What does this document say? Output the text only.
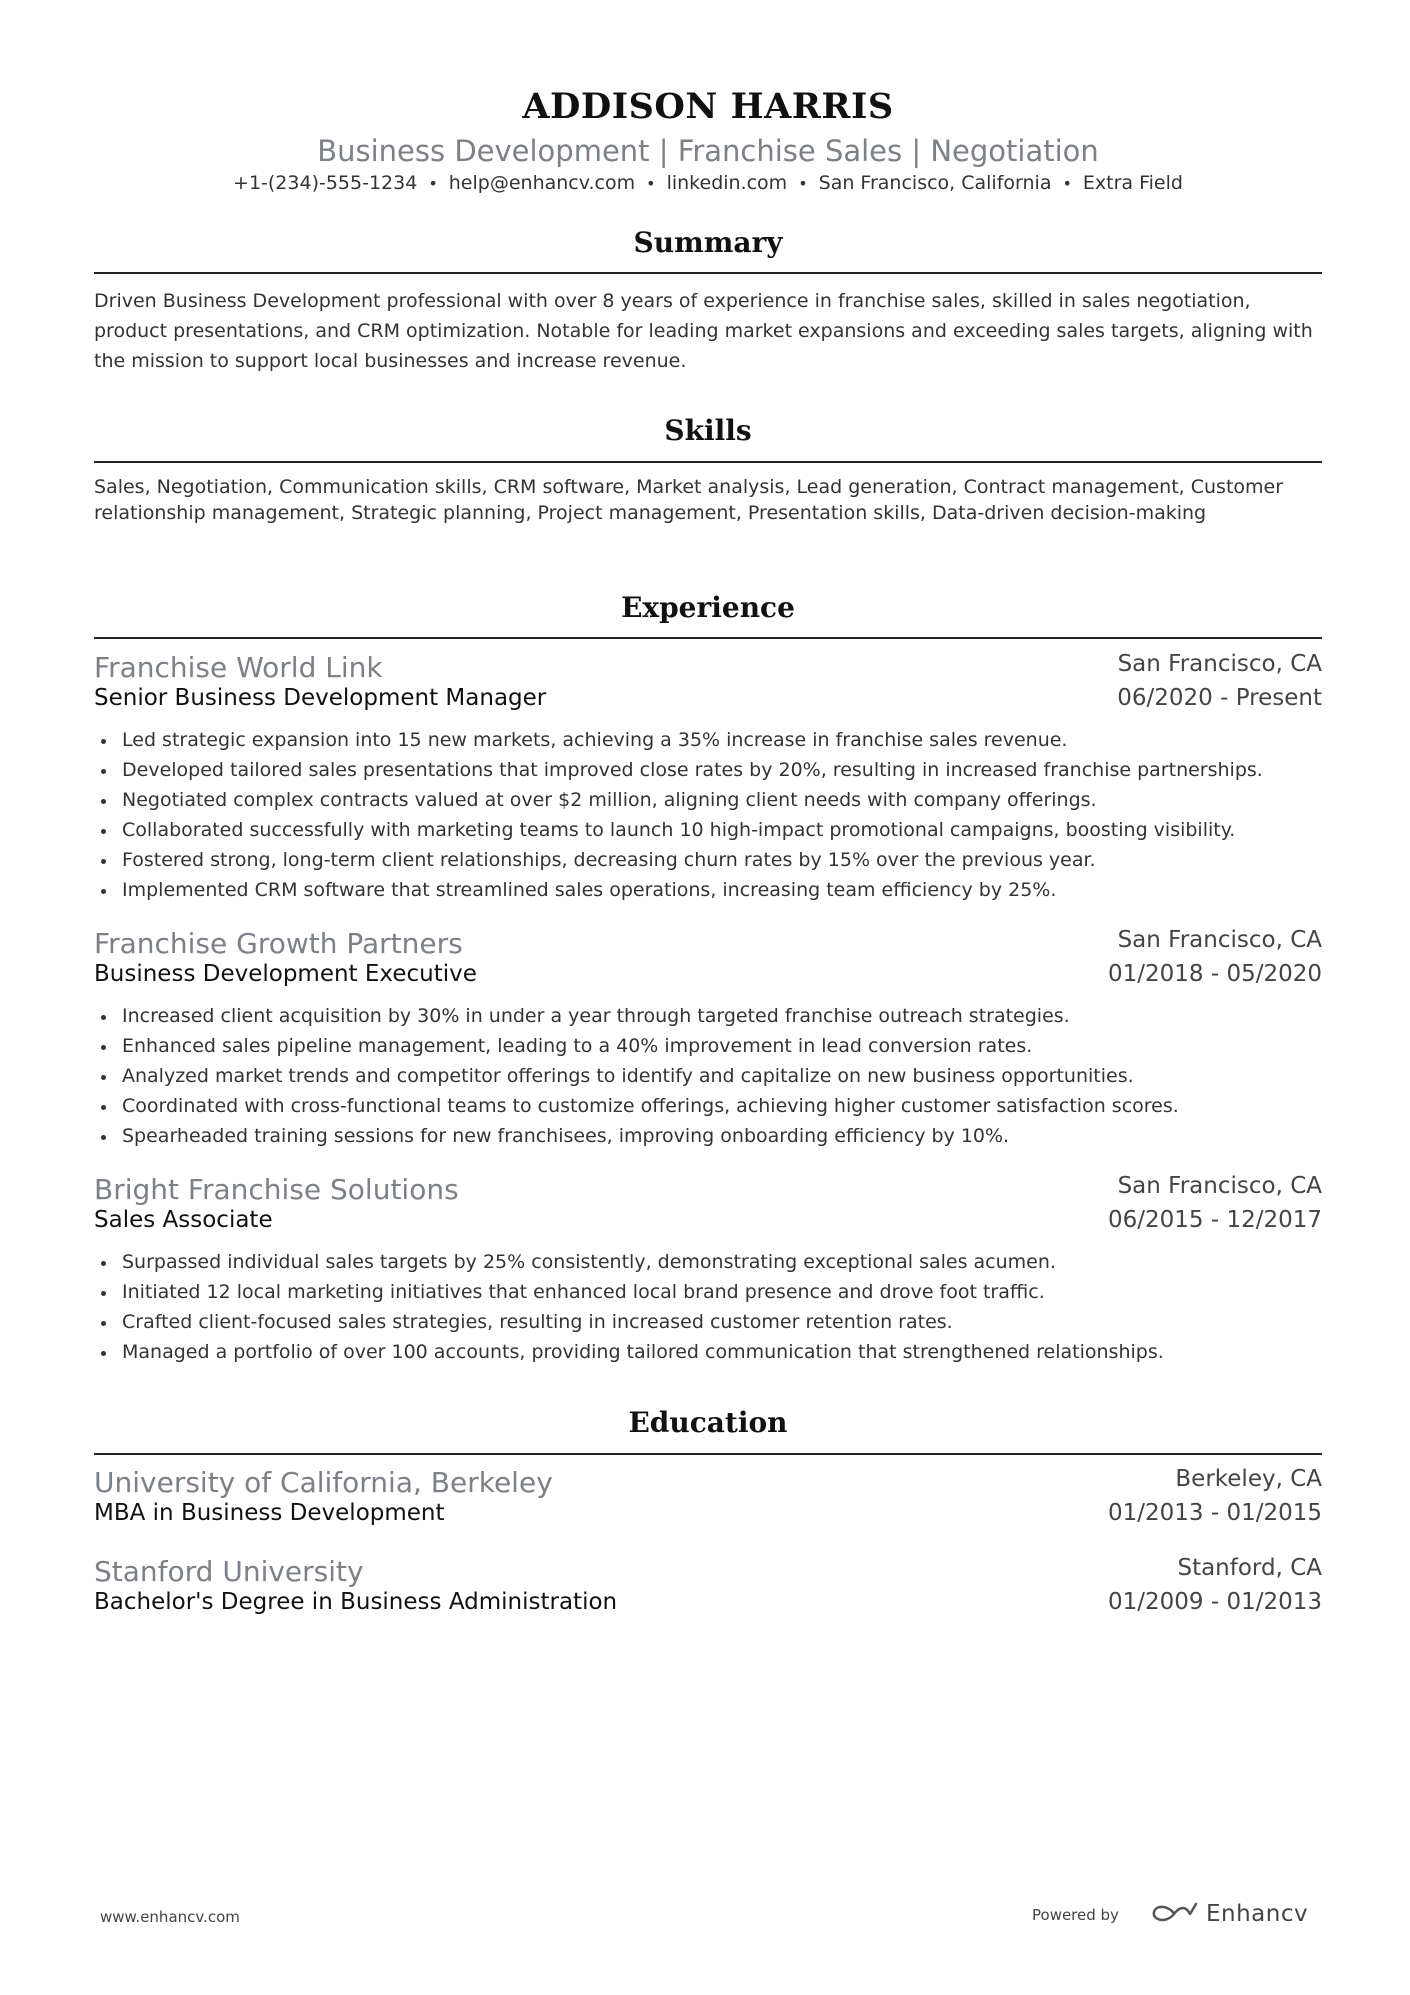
ADDISON HARRIS
Business Development | Franchise Sales | Negotiation
+1-(234)-555-1234 • help@enhancv.com • linkedin.com • San Francisco, California • Extra Field
Summary
Driven Business Development professional with over 8 years of experience in franchise sales, skilled in sales negotiation, product presentations, and CRM optimization. Notable for leading market expansions and exceeding sales targets, aligning with the mission to support local businesses and increase revenue.
Skills
Sales, Negotiation, Communication skills, CRM software, Market analysis, Lead generation, Contract management, Customer relationship management, Strategic planning, Project management, Presentation skills, Data-driven decision-making
Experience
Franchise World Link	San Francisco, CA
Senior Business Development Manager	06/2020 - Present
Led strategic expansion into 15 new markets, achieving a 35% increase in franchise sales revenue.
Developed tailored sales presentations that improved close rates by 20%, resulting in increased franchise partnerships.
Negotiated complex contracts valued at over $2 million, aligning client needs with company offerings.
Collaborated successfully with marketing teams to launch 10 high-impact promotional campaigns, boosting visibility.
Fostered strong, long-term client relationships, decreasing churn rates by 15% over the previous year.
Implemented CRM software that streamlined sales operations, increasing team efficiency by 25%.
Franchise Growth Partners	San Francisco, CA
Business Development Executive	01/2018 - 05/2020
Increased client acquisition by 30% in under a year through targeted franchise outreach strategies.
Enhanced sales pipeline management, leading to a 40% improvement in lead conversion rates.
Analyzed market trends and competitor offerings to identify and capitalize on new business opportunities.
Coordinated with cross-functional teams to customize offerings, achieving higher customer satisfaction scores.
Spearheaded training sessions for new franchisees, improving onboarding efficiency by 10%.
Bright Franchise Solutions	San Francisco, CA
Sales Associate	06/2015 - 12/2017
Surpassed individual sales targets by 25% consistently, demonstrating exceptional sales acumen.
Initiated 12 local marketing initiatives that enhanced local brand presence and drove foot traffic.
Crafted client-focused sales strategies, resulting in increased customer retention rates.
Managed a portfolio of over 100 accounts, providing tailored communication that strengthened relationships.
Education
University of California, Berkeley	Berkeley, CA
MBA in Business Development	01/2013 - 01/2015
Stanford University	Stanford, CA
Bachelor's Degree in Business Administration	01/2009 - 01/2013
www.enhancv.com	Powered by	Enhancv
